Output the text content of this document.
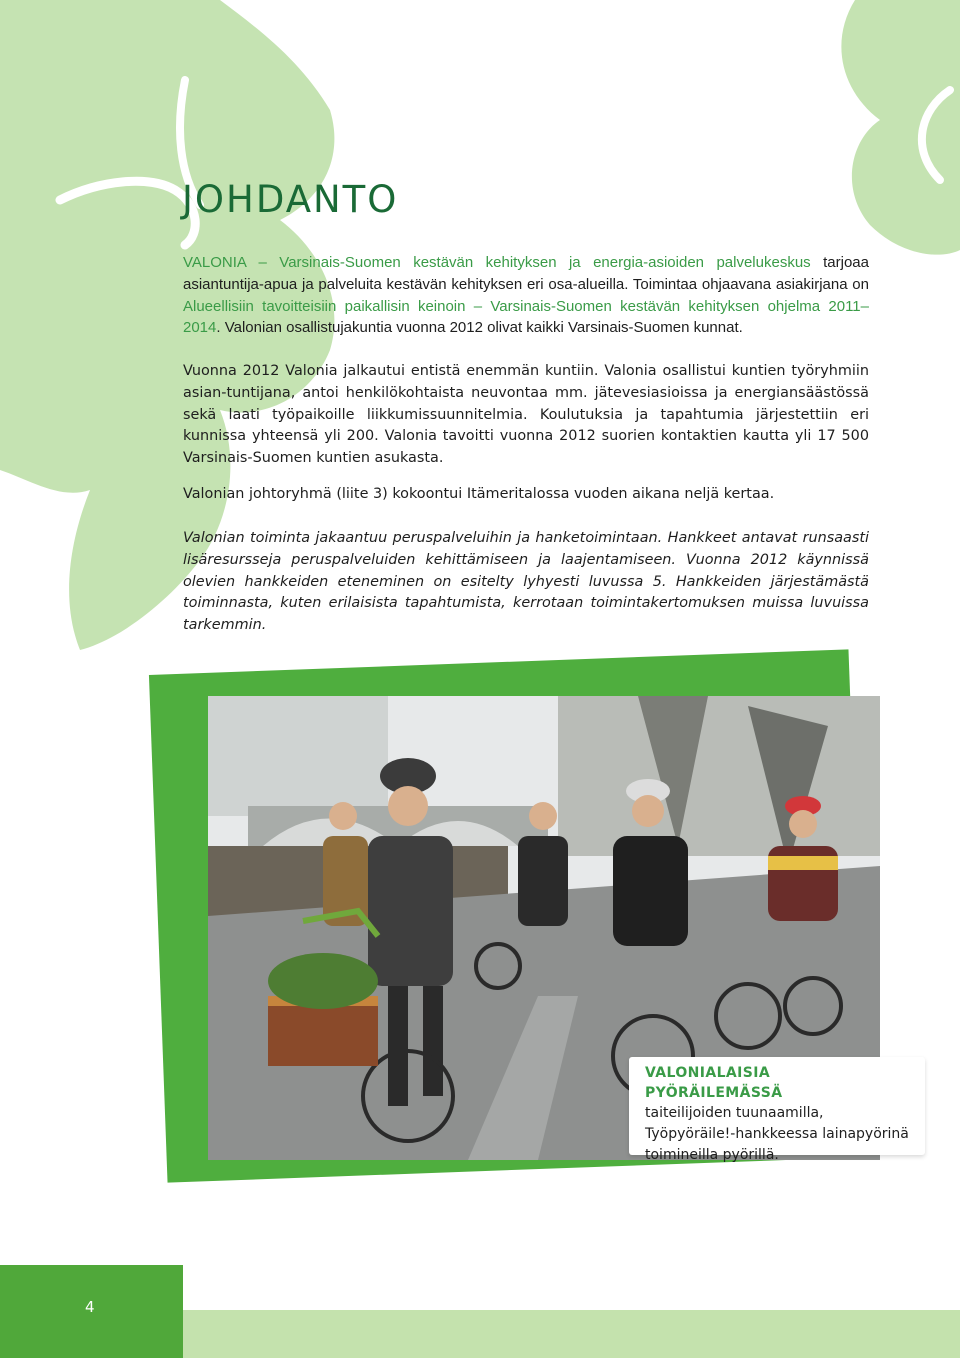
JOHDANTO

VALONIA – Varsinais-Suomen kestävän kehityksen ja energia-asioiden palvelukeskus tarjoaa asiantuntija-apua ja palveluita kestävän kehityksen eri osa-alueilla. Toimintaa ohjaavana asiakirjana on Alueellisiin tavoitteisiin paikallisin keinoin – Varsinais-Suomen kestävän kehityksen ohjelma 2011–2014. Valonian osallistujakuntia vuonna 2012 olivat kaikki Varsinais-Suomen kunnat.

Vuonna 2012 Valonia jalkautui entistä enemmän kuntiin. Valonia osallistui kuntien työryhmiin asian-tuntijana, antoi henkilökohtaista neuvontaa mm. jätevesiasioissa ja energiansäästössä sekä laati työpaikoille liikkumissuunnitelmia. Koulutuksia ja tapahtumia järjestettiin eri kunnissa yhteensä yli 200. Valonia tavoitti vuonna 2012 suorien kontaktien kautta yli 17 500 Varsinais-Suomen kuntien asukasta.

Valonian johtoryhmä (liite 3) kokoontui Itämeritalossa vuoden aikana neljä kertaa.

Valonian toiminta jakaantuu peruspalveluihin ja hanketoimintaan. Hankkeet antavat runsaasti lisäresursseja peruspalveluiden kehittämiseen ja laajentamiseen. Vuonna 2012 käynnissä olevien hankkeiden eteneminen on esitelty lyhyesti luvussa 5. Hankkeiden järjestämästä toiminnasta, kuten erilaisista tapahtumista, kerrotaan toimintakertomuksen muissa luvuissa tarkemmin.

VALONIALAISIA PYÖRÄILEMÄSSÄ
taiteilijoiden tuunaamilla, Työpyöräile!-hankkeessa lainapyörinä toimineilla pyörillä.
4
